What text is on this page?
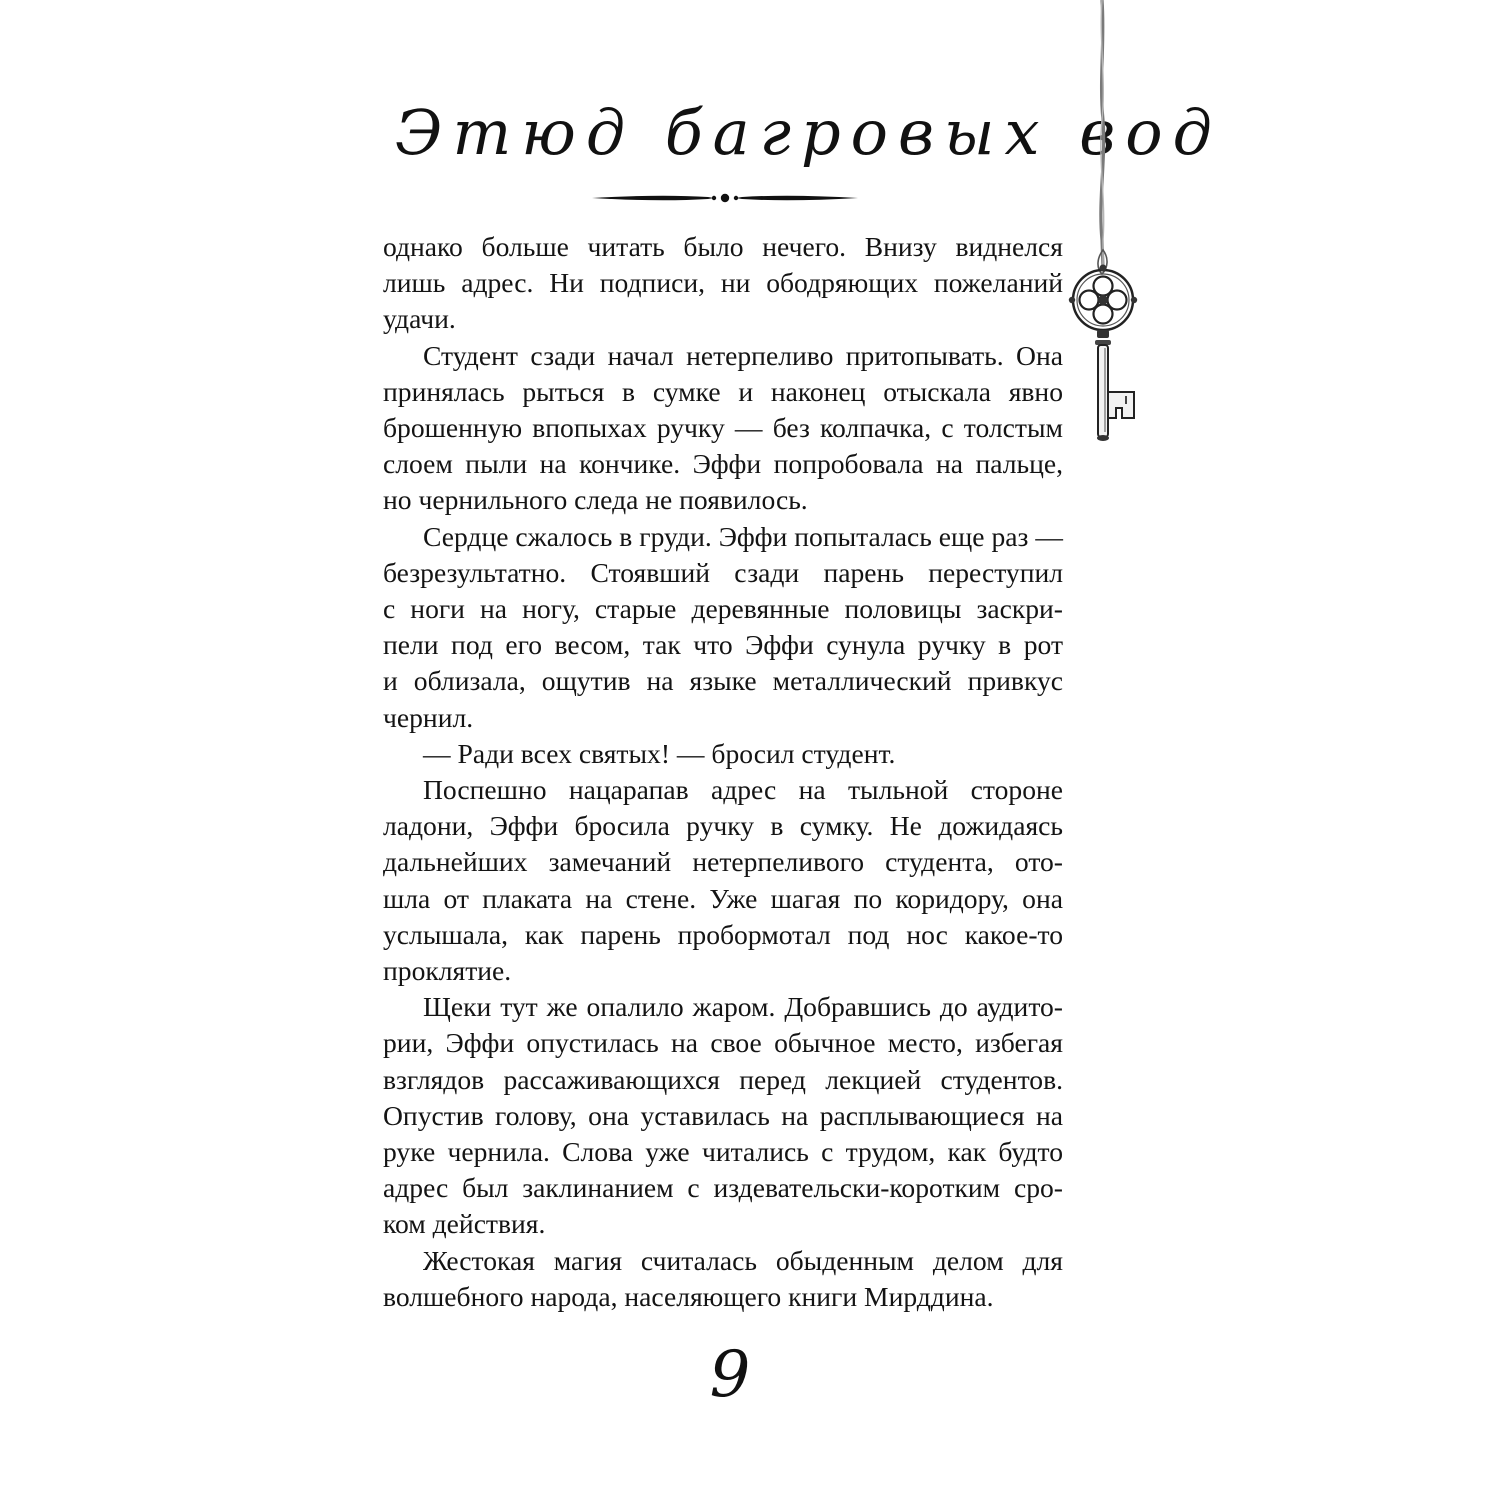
Этюд багровых вод

однако больше читать было нечего. Внизу виднелся
лишь адрес. Ни подписи, ни ободряющих пожеланий
удачи.

Студент сзади начал нетерпеливо притопывать. Она
принялась рыться в сумке и наконец отыскала явно
брошенную впопыхах ручку — без колпачка, с толстым
слоем пыли на кончике. Эффи попробовала на пальце,
но чернильного следа не появилось.

Сердце сжалось в груди. Эффи попыталась еще раз —
безрезультатно. Стоявший сзади парень переступил
с ноги на ногу, старые деревянные половицы заскри-
пели под его весом, так что Эффи сунула ручку в рот
и облизала, ощутив на языке металлический привкус
чернил.

— Ради всех святых! — бросил студент.

Поспешно нацарапав адрес на тыльной стороне
ладони, Эффи бросила ручку в сумку. Не дожидаясь
дальнейших замечаний нетерпеливого студента, ото-
шла от плаката на стене. Уже шагая по коридору, она
услышала, как парень пробормотал под нос какое-то
проклятие.

Щеки тут же опалило жаром. Добравшись до аудито-
рии, Эффи опустилась на свое обычное место, избегая
взглядов рассаживающихся перед лекцией студентов.
Опустив голову, она уставилась на расплывающиеся на
руке чернила. Слова уже читались с трудом, как будто
адрес был заклинанием с издевательски-коротким сро-
ком действия.

Жестокая магия считалась обыденным делом для
волшебного народа, населяющего книги Мирддина.

9
